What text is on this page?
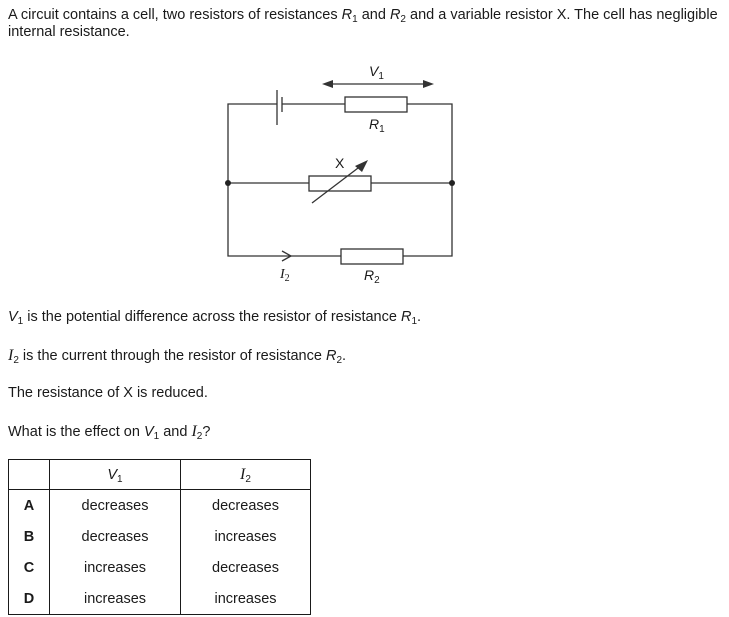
A circuit contains a cell, two resistors of resistances $R_1$ and $R_2$ and a variable resistor X. The cell has negligible internal resistance.
$V_1$
$R_1$
X
$I_2$	$R_2$
$V_1$ is the potential difference across the resistor of resistance $R_1$.
$I_2$ is the current through the resistor of resistance $R_2$.
The resistance of X is reduced.
What is the effect on $V_1$ and $I_2$?
	$V_1$	$I_2$
A	decreases	decreases
B	decreases	increases
C	increases	decreases
D	increases	increases
